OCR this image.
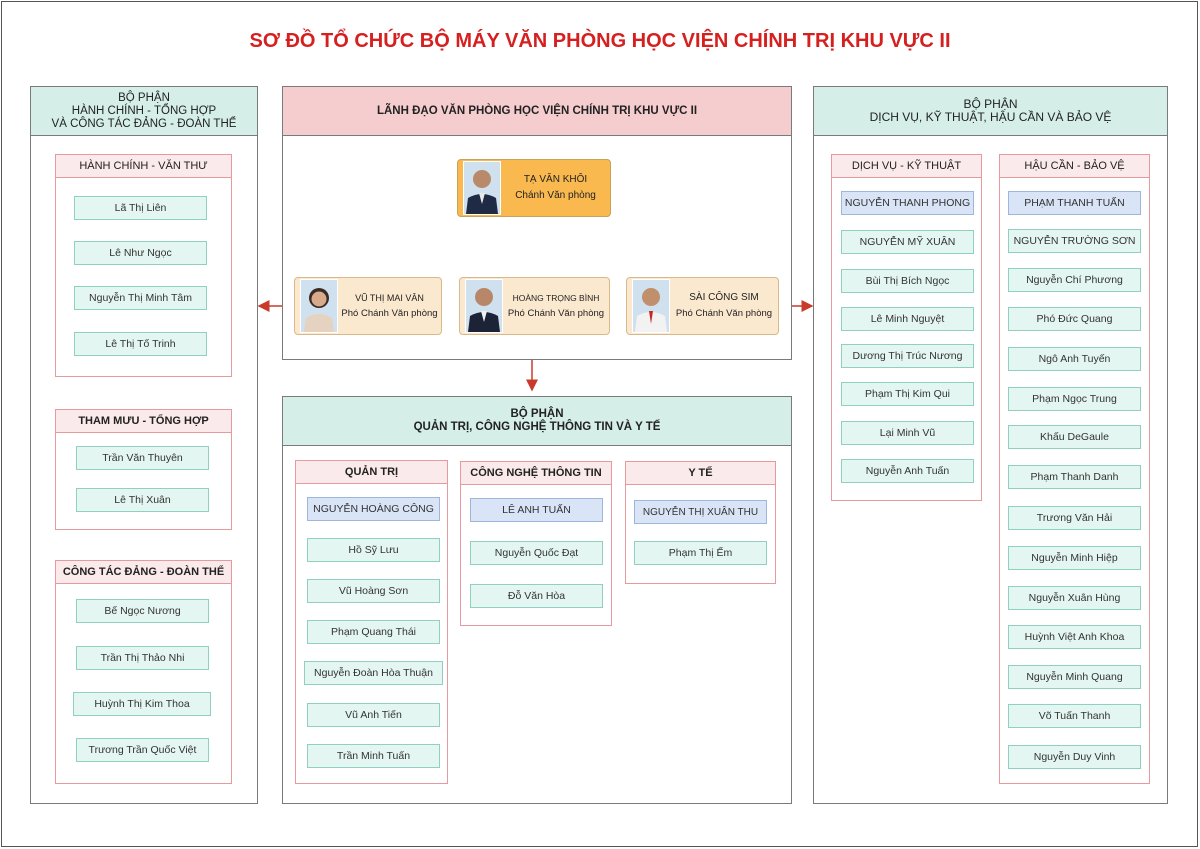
SƠ ĐỒ TỔ CHỨC BỘ MÁY VĂN PHÒNG HỌC VIỆN CHÍNH TRỊ KHU VỰC II
BỘ PHẬN
HÀNH CHÍNH - TỔNG HỢP
VÀ CÔNG TÁC ĐẢNG - ĐOÀN THỂ
HÀNH CHÍNH - VĂN THƯ
Lã Thị Liên
Lê Như Ngọc
Nguyễn Thị Minh Tâm
Lê Thị Tố Trinh
THAM MƯU - TỔNG HỢP
Trần Văn Thuyên
Lê Thị Xuân
CÔNG TÁC ĐẢNG - ĐOÀN THỂ
Bế Ngọc Nương
Trần Thị Thảo Nhi
Huỳnh Thị Kim Thoa
Trương Trần Quốc Việt
LÃNH ĐẠO VĂN PHÒNG HỌC VIỆN CHÍNH TRỊ KHU VỰC II
TẠ VĂN KHÔI
Chánh Văn phòng
VŨ THỊ MAI VÂN
Phó Chánh Văn phòng
HOÀNG TRỌNG BÌNH
Phó Chánh Văn phòng
SÀI CÔNG SIM
Phó Chánh Văn phòng
BỘ PHẬN
QUẢN TRỊ, CÔNG NGHỆ THÔNG TIN VÀ Y TẾ
QUẢN TRỊ
NGUYỄN HOÀNG CÔNG
Hồ Sỹ Lưu
Vũ Hoàng Sơn
Phạm Quang Thái
Nguyễn Đoàn Hòa Thuận
Vũ Anh Tiến
Trần Minh Tuấn
CÔNG NGHỆ THÔNG TIN
LÊ ANH TUẤN
Nguyễn Quốc Đạt
Đỗ Văn Hòa
Y TẾ
NGUYỄN THỊ XUÂN THU
Phạm Thị Ếm
BỘ PHẬN
DỊCH VỤ, KỸ THUẬT, HẬU CẦN VÀ BẢO VỆ
DỊCH VỤ - KỸ THUẬT
NGUYỄN THANH PHONG
NGUYỄN MỸ XUÂN
Bùi Thị Bích Ngọc
Lê Minh Nguyệt
Dương Thị Trúc Nương
Phạm Thị Kim Qui
Lại Minh Vũ
Nguyễn Anh Tuấn
HẬU CẦN - BẢO VỆ
PHẠM THANH TUẤN
NGUYỄN TRƯỜNG SƠN
Nguyễn Chí Phương
Phó Đức Quang
Ngô Anh Tuyến
Phạm Ngọc Trung
Khấu DeGaule
Phạm Thanh Danh
Trương Văn Hải
Nguyễn Minh Hiệp
Nguyễn Xuân Hùng
Huỳnh Việt Anh Khoa
Nguyễn Minh Quang
Võ Tuấn Thanh
Nguyễn Duy Vinh
